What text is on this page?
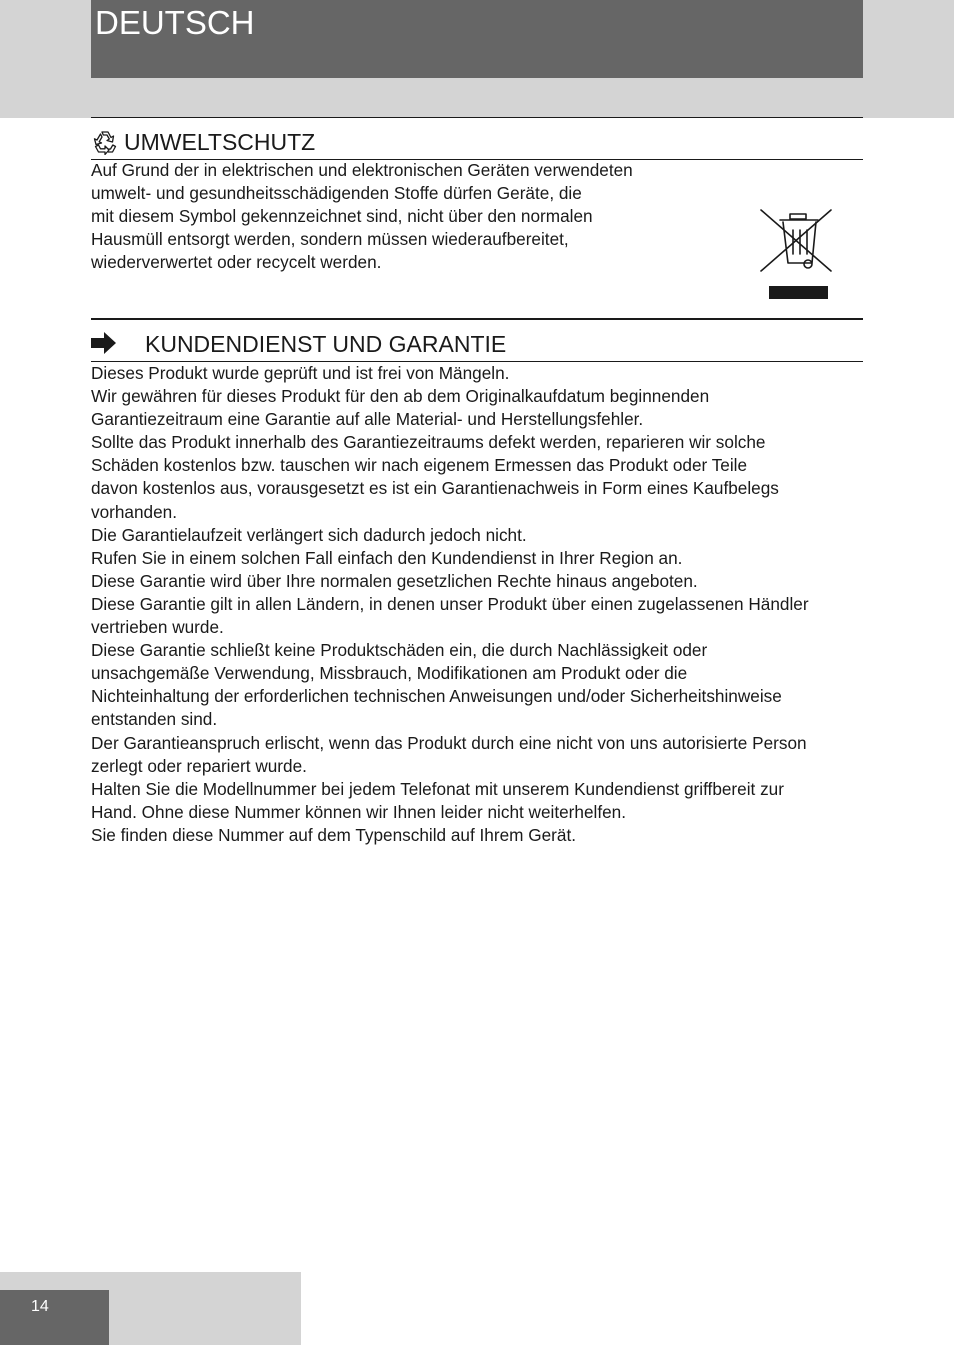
DEUTSCH
UMWELTSCHUTZ

Auf Grund der in elektrischen und elektronischen Geräten verwendeten

umwelt- und gesundheitsschädigenden Stoffe dürfen Geräte, die

mit diesem Symbol gekennzeichnet sind, nicht über den normalen

Hausmüll entsorgt werden, sondern müssen wiederaufbereitet,

wiederverwertet oder recycelt werden.

KUNDENDIENST UND GARANTIE

Dieses Produkt wurde geprüft und ist frei von Mängeln.

Wir gewähren für dieses Produkt für den ab dem Originalkaufdatum beginnenden

Garantiezeitraum eine Garantie auf alle Material- und Herstellungsfehler.

Sollte das Produkt innerhalb des Garantiezeitraums defekt werden, reparieren wir solche

Schäden kostenlos bzw. tauschen wir nach eigenem Ermessen das Produkt oder Teile

davon kostenlos aus, vorausgesetzt es ist ein Garantienachweis in Form eines Kaufbelegs

vorhanden.

Die Garantielaufzeit verlängert sich dadurch jedoch nicht.

Rufen Sie in einem solchen Fall einfach den Kundendienst in Ihrer Region an.

Diese Garantie wird über Ihre normalen gesetzlichen Rechte hinaus angeboten.

Diese Garantie gilt in allen Ländern, in denen unser Produkt über einen zugelassenen Händler

vertrieben wurde.

Diese Garantie schließt keine Produktschäden ein, die durch Nachlässigkeit oder

unsachgemäße Verwendung, Missbrauch, Modifikationen am Produkt oder die

Nichteinhaltung der erforderlichen technischen Anweisungen und/oder Sicherheitshinweise

entstanden sind.

Der Garantieanspruch erlischt, wenn das Produkt durch eine nicht von uns autorisierte Person

zerlegt oder repariert wurde.

Halten Sie die Modellnummer bei jedem Telefonat mit unserem Kundendienst griffbereit zur

Hand. Ohne diese Nummer können wir Ihnen leider nicht weiterhelfen.

Sie finden diese Nummer auf dem Typenschild auf Ihrem Gerät.

14
